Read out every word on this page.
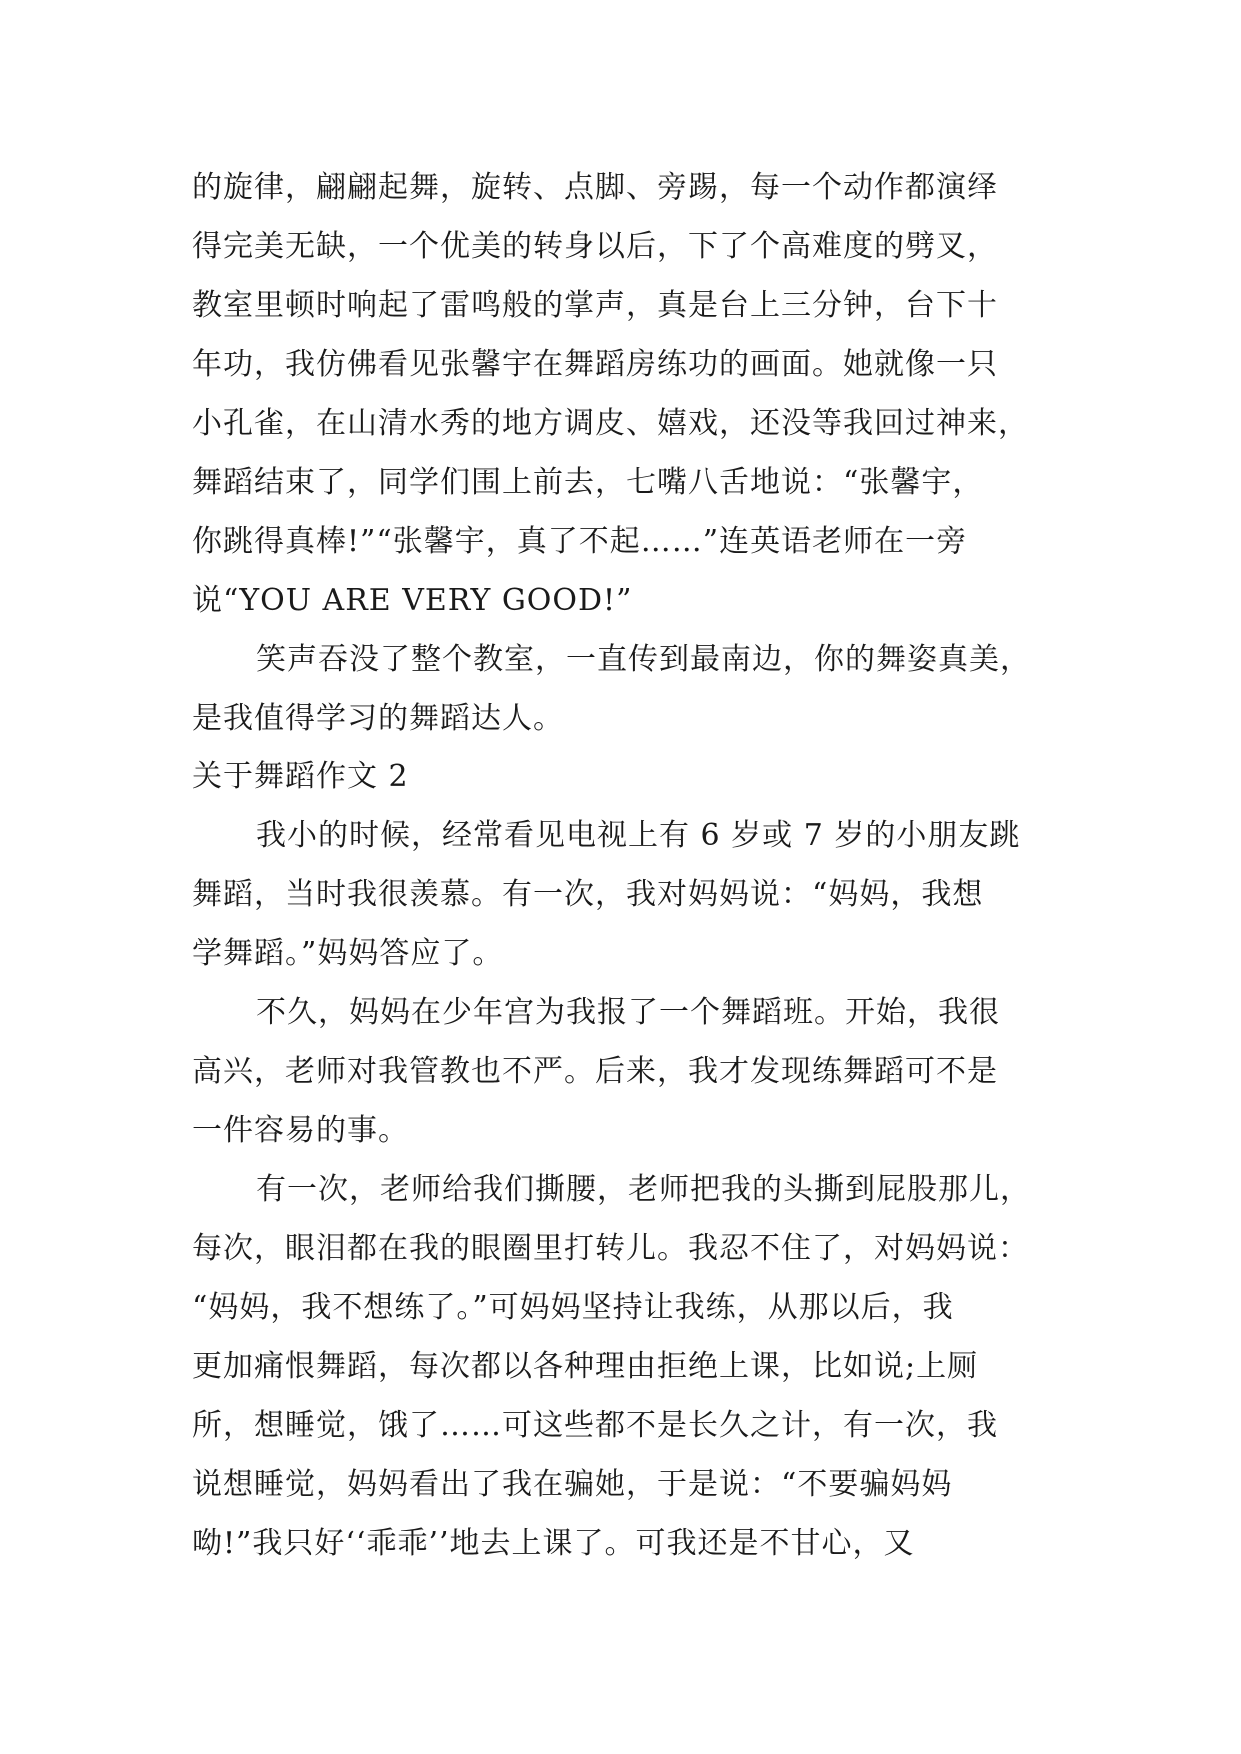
的旋律，翩翩起舞，旋转、点脚、旁踢，每一个动作都演绎
得完美无缺，一个优美的转身以后，下了个高难度的劈叉，
教室里顿时响起了雷鸣般的掌声，真是台上三分钟，台下十
年功，我仿佛看见张馨宇在舞蹈房练功的画面。她就像一只
小孔雀，在山清水秀的地方调皮、嬉戏，还没等我回过神来，
舞蹈结束了，同学们围上前去，七嘴八舌地说：“张馨宇，
你跳得真棒!”“张馨宇，真了不起……”连英语老师在一旁
说“YOU ARE VERY GOOD!”
笑声吞没了整个教室，一直传到最南边，你的舞姿真美，
是我值得学习的舞蹈达人。
关于舞蹈作文 2
我小的时候，经常看见电视上有 6 岁或 7 岁的小朋友跳
舞蹈，当时我很羡慕。有一次，我对妈妈说：“妈妈，我想
学舞蹈。”妈妈答应了。
不久，妈妈在少年宫为我报了一个舞蹈班。开始，我很
高兴，老师对我管教也不严。后来，我才发现练舞蹈可不是
一件容易的事。
有一次，老师给我们撕腰，老师把我的头撕到屁股那儿，
每次，眼泪都在我的眼圈里打转儿。我忍不住了，对妈妈说：
“妈妈，我不想练了。”可妈妈坚持让我练，从那以后，我
更加痛恨舞蹈，每次都以各种理由拒绝上课，比如说;上厕
所，想睡觉，饿了……可这些都不是长久之计，有一次，我
说想睡觉，妈妈看出了我在骗她，于是说：“不要骗妈妈
呦!”我只好‘‘乖乖’’地去上课了。可我还是不甘心，又
